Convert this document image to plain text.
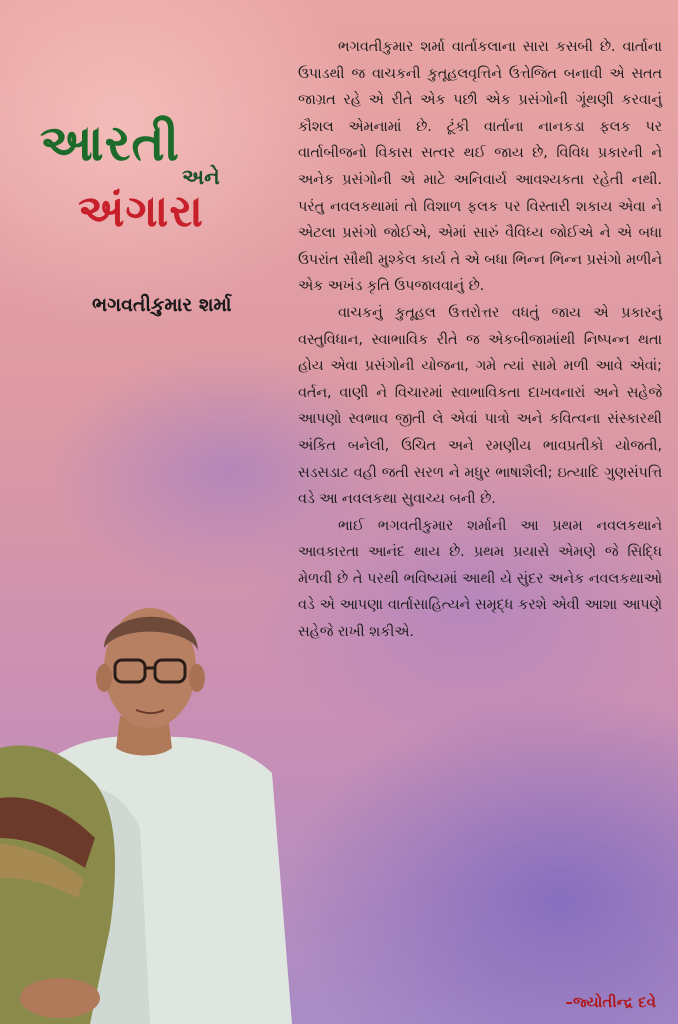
આરતી
અને
અંગારા
ભગવતીકુમાર શર્મા

ભગવતીકુમાર શર્મા વાર્તાકલાના સારા કસબી છે. વાર્તાના ઉપાડથી જ વાચકની કુતૂહલવૃત્તિને ઉત્તેજિત બનાવી એ સતત જાગ્રત રહે એ રીતે એક પછી એક પ્રસંગોની ગૂંથણી કરવાનું કૌશલ એમનામાં છે. ટૂંકી વાર્તાના નાનકડા ફલક પર વાર્તાબીજનો વિકાસ સત્વર થઈ જાય છે, વિવિધ પ્રકારની ને અનેક પ્રસંગોની એ માટે અનિવાર્ય આવશ્યકતા રહેતી નથી. પરંતુ નવલકથામાં તો વિશાળ ફલક પર વિસ્તારી શકાય એવા ને એટલા પ્રસંગો જોઈએ, એમાં સારું વૈવિધ્ય જોઈએ ને એ બધા ઉપરાંત સૌથી મુશ્કેલ કાર્ય તે એ બધા ભિન્ન ભિન્ન પ્રસંગો મળીને એક અખંડ કૃતિ ઉપજાવવાનું છે.

વાચકનું કુતૂહલ ઉત્તરોત્તર વધતું જાય એ પ્રકારનું વસ્તુવિધાન, સ્વાભાવિક રીતે જ એકબીજામાંથી નિષ્પન્ન થતા હોય એવા પ્રસંગોની યોજના, ગમે ત્યાં સામે મળી આવે એવાં; વર્તન, વાણી ને વિચારમાં સ્વાભાવિકતા દાખવનારાં અને સહેજે આપણો સ્વભાવ જીતી લે એવાં પાત્રો અને કવિત્વના સંસ્કારથી અંકિત બનેલી, ઉચિત અને રમણીય ભાવપ્રતીકો યોજતી, સડસડાટ વહી જતી સરળ ને મધુર ભાષાશૈલી; ઇત્યાદિ ગુણસંપત્તિ વડે આ નવલકથા સુવાચ્ય બની છે.

ભાઈ ભગવતીકુમાર શર્માની આ પ્રથમ નવલકથાને આવકારતા આનંદ થાય છે. પ્રથમ પ્રયાસે એમણે જે સિદ્ધિ મેળવી છે તે પરથી ભવિષ્યમાં આથી યે સુંદર અનેક નવલકથાઓ વડે એ આપણા વાર્તાસાહિત્યને સમૃદ્ધ કરશે એવી આશા આપણે સહેજે રાખી શકીએ.

–જ્યોતીન્દ્ર દવે
